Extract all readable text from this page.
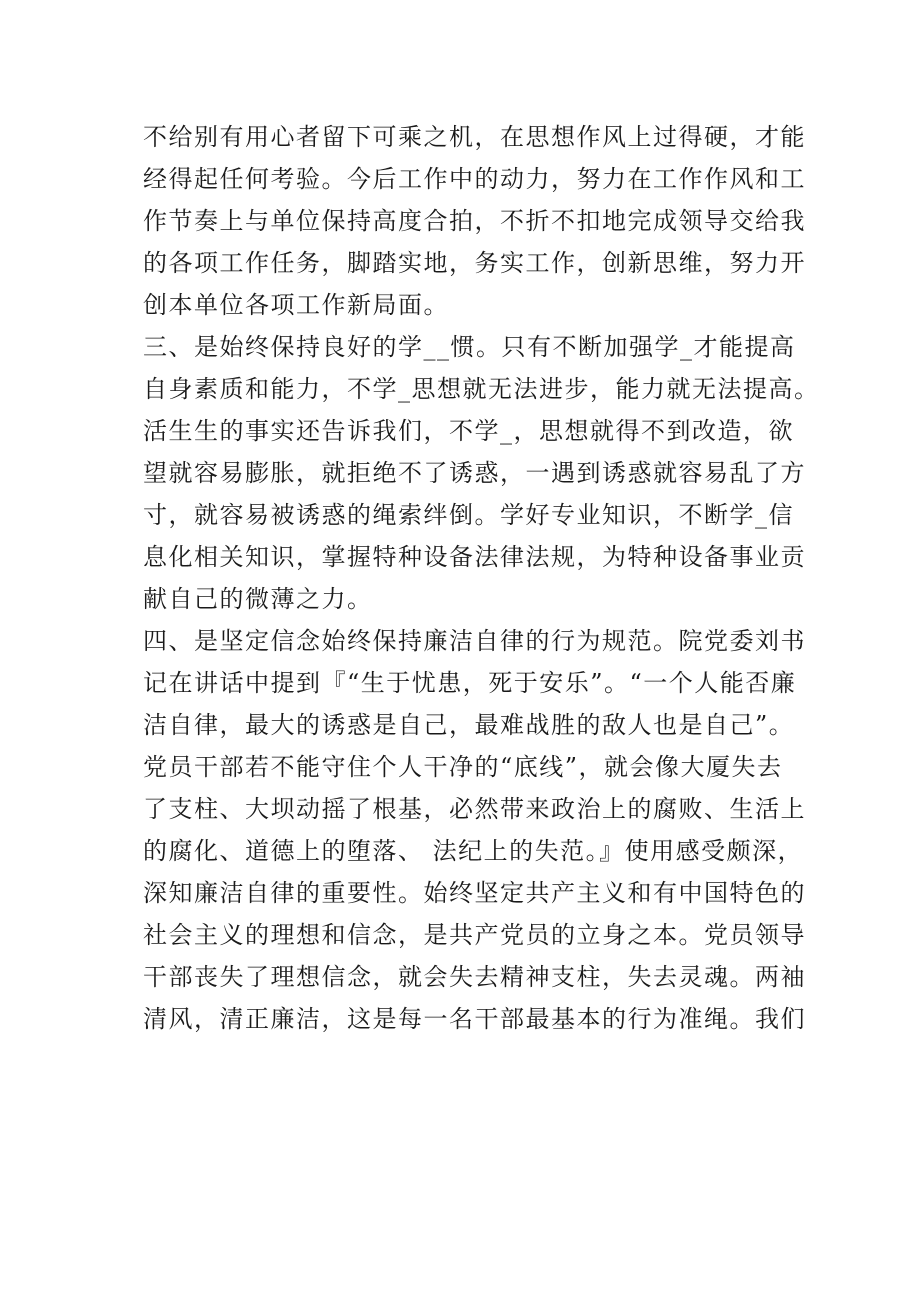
不给别有用心者留下可乘之机，在思想作风上过得硬，才能
经得起任何考验。今后工作中的动力，努力在工作作风和工
作节奏上与单位保持高度合拍，不折不扣地完成领导交给我
的各项工作任务，脚踏实地，务实工作，创新思维，努力开
创本单位各项工作新局面。
三、是始终保持良好的学__惯。只有不断加强学_才能提高
自身素质和能力，不学_思想就无法进步，能力就无法提高。
活生生的事实还告诉我们，不学_，思想就得不到改造，欲
望就容易膨胀，就拒绝不了诱惑，一遇到诱惑就容易乱了方
寸，就容易被诱惑的绳索绊倒。学好专业知识，不断学_信
息化相关知识，掌握特种设备法律法规，为特种设备事业贡
献自己的微薄之力。
四、是坚定信念始终保持廉洁自律的行为规范。院党委刘书
记在讲话中提到『“生于忧患，死于安乐”。“一个人能否廉
洁自律，最大的诱惑是自己，最难战胜的敌人也是自己”。
党员干部若不能守住个人干净的“底线”，就会像大厦失去
了支柱、大坝动摇了根基，必然带来政治上的腐败、生活上
的腐化、道德上的堕落、 法纪上的失范。』使用感受颇深，
深知廉洁自律的重要性。始终坚定共产主义和有中国特色的
社会主义的理想和信念，是共产党员的立身之本。党员领导
干部丧失了理想信念，就会失去精神支柱，失去灵魂。两袖
清风，清正廉洁，这是每一名干部最基本的行为准绳。我们
